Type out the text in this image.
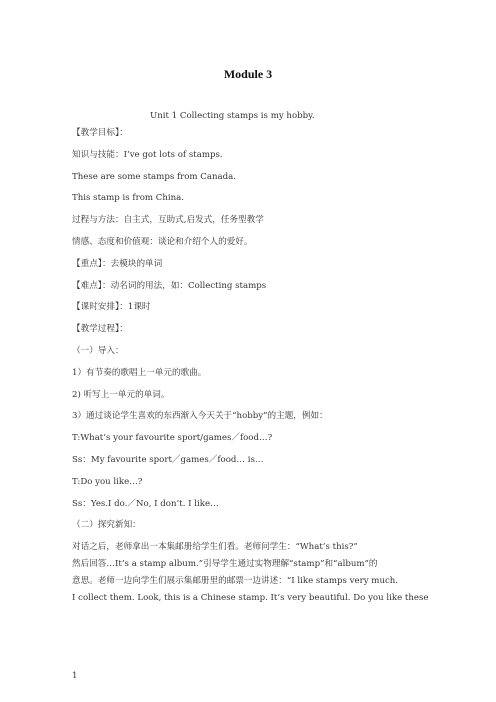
Module 3
Unit 1 Collecting stamps is my hobby.
【教学目标】：
知识与技能：I’ve got lots of stamps.
These are some stamps from Canada.
This stamp is from China.
过程与方法：自主式，互助式,启发式，任务型教学
情感、态度和价值观：谈论和介绍个人的爱好。
【重点】：去模块的单词
【难点】：动名词的用法，如：Collecting stamps
【课时安排】：1课时
【教学过程】：
（一）导入：
1）有节奏的歌唱上一单元的歌曲。
2) 听写上一单元的单词。
3）通过谈论学生喜欢的东西渐入今天关于“hobby”的主题，例如：
T:What’s your favourite sport/games／food…?
Ss：My favourite sport／games／food… is…
T:Do you like…?
Ss：Yes.I do.／No, I don’t. I like…
（二）探究新知：
对话之后，老师拿出一本集邮册给学生们看。老师问学生：“What’s this?”
然后回答…It’s a stamp album.”引导学生通过实物理解“stamp”和“album”的
意思。老师一边向学生们展示集邮册里的邮票一边讲述：“I like stamps very much.
I collect them. Look, this is a Chinese stamp. It’s very beautiful. Do you like these
1
